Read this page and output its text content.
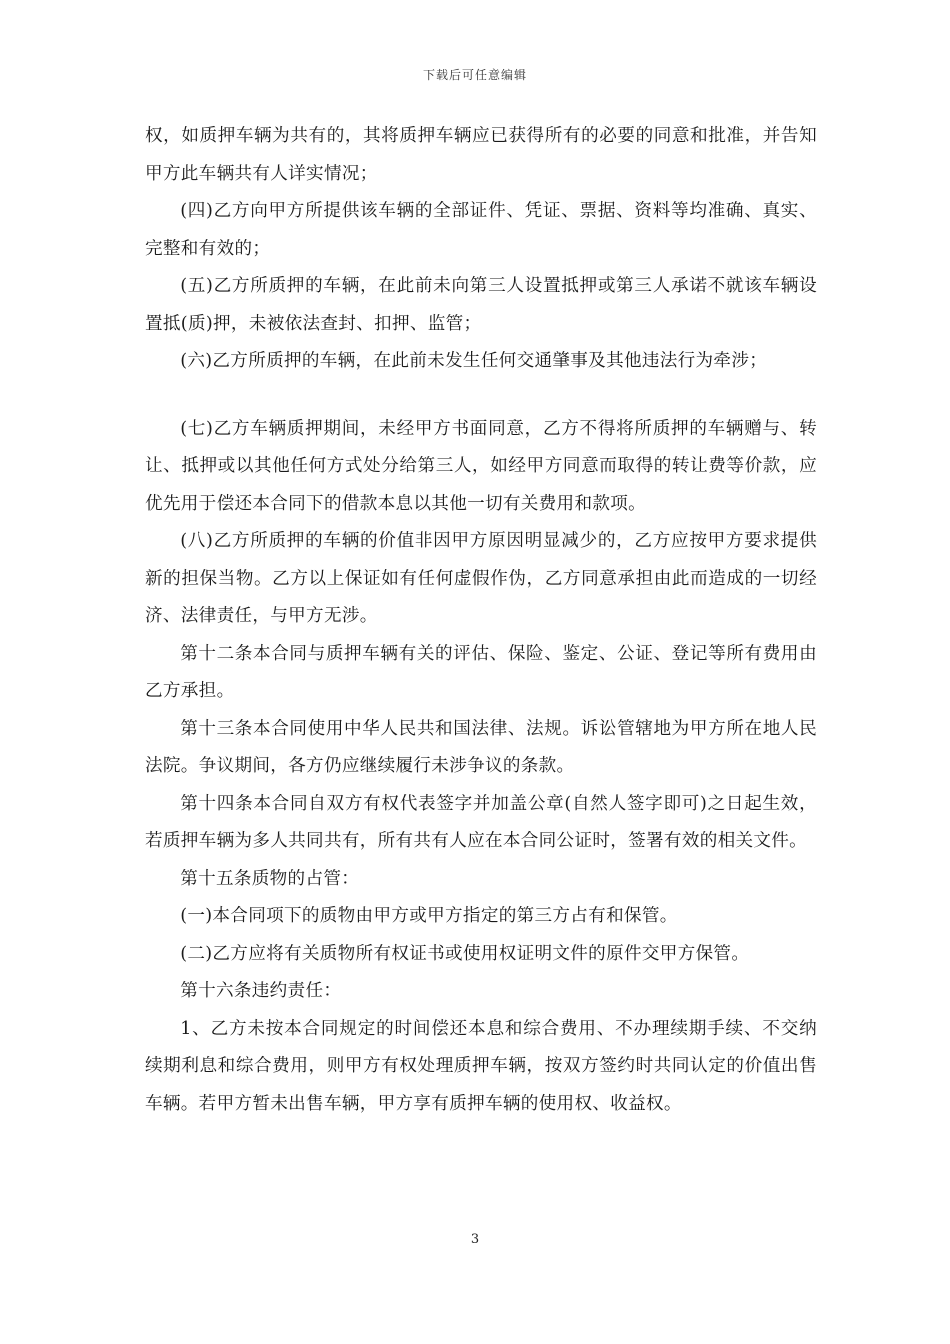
下载后可任意编辑

权，如质押车辆为共有的，其将质押车辆应已获得所有的必要的同意和批准，并告知甲方此车辆共有人详实情况；

(四)乙方向甲方所提供该车辆的全部证件、凭证、票据、资料等均准确、真实、完整和有效的；

(五)乙方所质押的车辆，在此前未向第三人设置抵押或第三人承诺不就该车辆设置抵(质)押，未被依法查封、扣押、监管；

(六)乙方所质押的车辆，在此前未发生任何交通肇事及其他违法行为牵涉；

(七)乙方车辆质押期间，未经甲方书面同意，乙方不得将所质押的车辆赠与、转让、抵押或以其他任何方式处分给第三人，如经甲方同意而取得的转让费等价款，应优先用于偿还本合同下的借款本息以其他一切有关费用和款项。

(八)乙方所质押的车辆的价值非因甲方原因明显减少的，乙方应按甲方要求提供新的担保当物。乙方以上保证如有任何虚假作伪，乙方同意承担由此而造成的一切经济、法律责任，与甲方无涉。

第十二条本合同与质押车辆有关的评估、保险、鉴定、公证、登记等所有费用由乙方承担。

第十三条本合同使用中华人民共和国法律、法规。诉讼管辖地为甲方所在地人民法院。争议期间，各方仍应继续履行未涉争议的条款。

第十四条本合同自双方有权代表签字并加盖公章(自然人签字即可)之日起生效，若质押车辆为多人共同共有，所有共有人应在本合同公证时，签署有效的相关文件。

第十五条质物的占管：

(一)本合同项下的质物由甲方或甲方指定的第三方占有和保管。

(二)乙方应将有关质物所有权证书或使用权证明文件的原件交甲方保管。

第十六条违约责任：

1、乙方未按本合同规定的时间偿还本息和综合费用、不办理续期手续、不交纳续期利息和综合费用，则甲方有权处理质押车辆，按双方签约时共同认定的价值出售车辆。若甲方暂未出售车辆，甲方享有质押车辆的使用权、收益权。

3
